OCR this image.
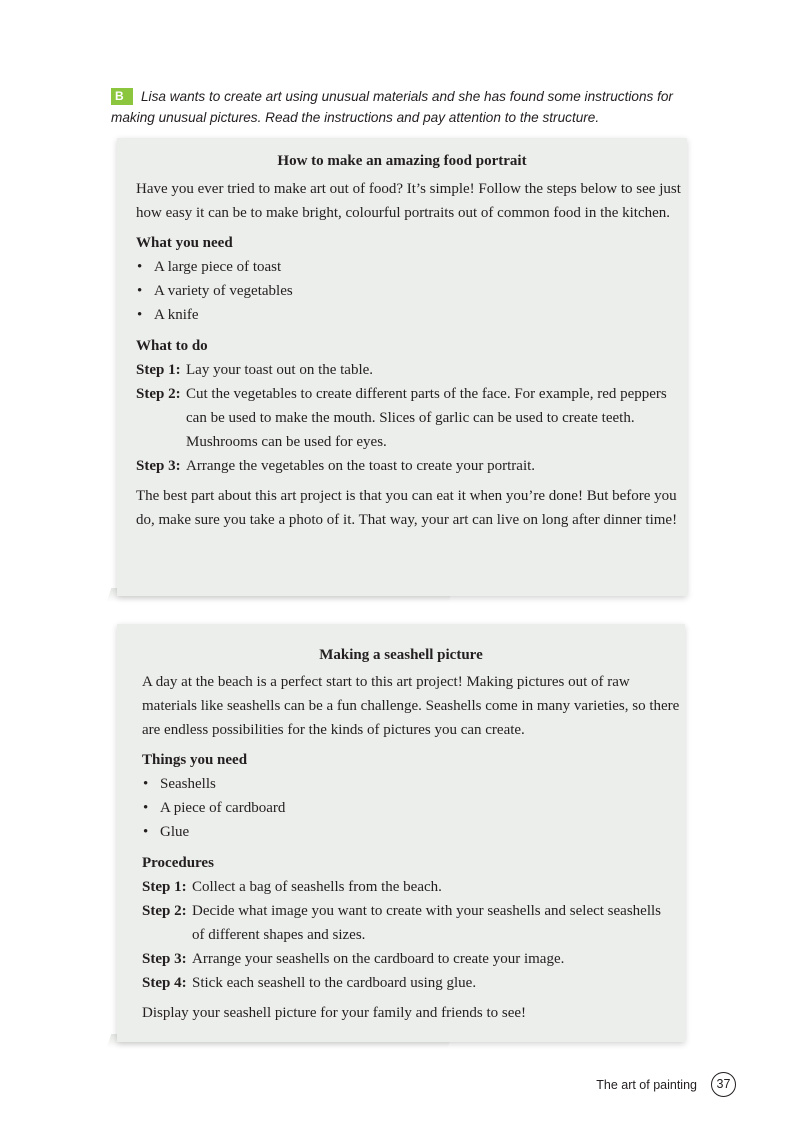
B Lisa wants to create art using unusual materials and she has found some instructions for making unusual pictures. Read the instructions and pay attention to the structure.

How to make an amazing food portrait

Have you ever tried to make art out of food? It’s simple! Follow the steps below to see just how easy it can be to make bright, colourful portraits out of common food in the kitchen.

What you need

• A large piece of toast
• A variety of vegetables
• A knife

What to do

Step 1: Lay your toast out on the table.
Step 2: Cut the vegetables to create different parts of the face. For example, red peppers can be used to make the mouth. Slices of garlic can be used to create teeth. Mushrooms can be used for eyes.
Step 3: Arrange the vegetables on the toast to create your portrait.

The best part about this art project is that you can eat it when you’re done! But before you do, make sure you take a photo of it. That way, your art can live on long after dinner time!

Making a seashell picture

A day at the beach is a perfect start to this art project! Making pictures out of raw materials like seashells can be a fun challenge. Seashells come in many varieties, so there are endless possibilities for the kinds of pictures you can create.

Things you need

• Seashells
• A piece of cardboard
• Glue

Procedures

Step 1: Collect a bag of seashells from the beach.
Step 2: Decide what image you want to create with your seashells and select seashells of different shapes and sizes.
Step 3: Arrange your seashells on the cardboard to create your image.
Step 4: Stick each seashell to the cardboard using glue.

Display your seashell picture for your family and friends to see!

The art of painting	37
